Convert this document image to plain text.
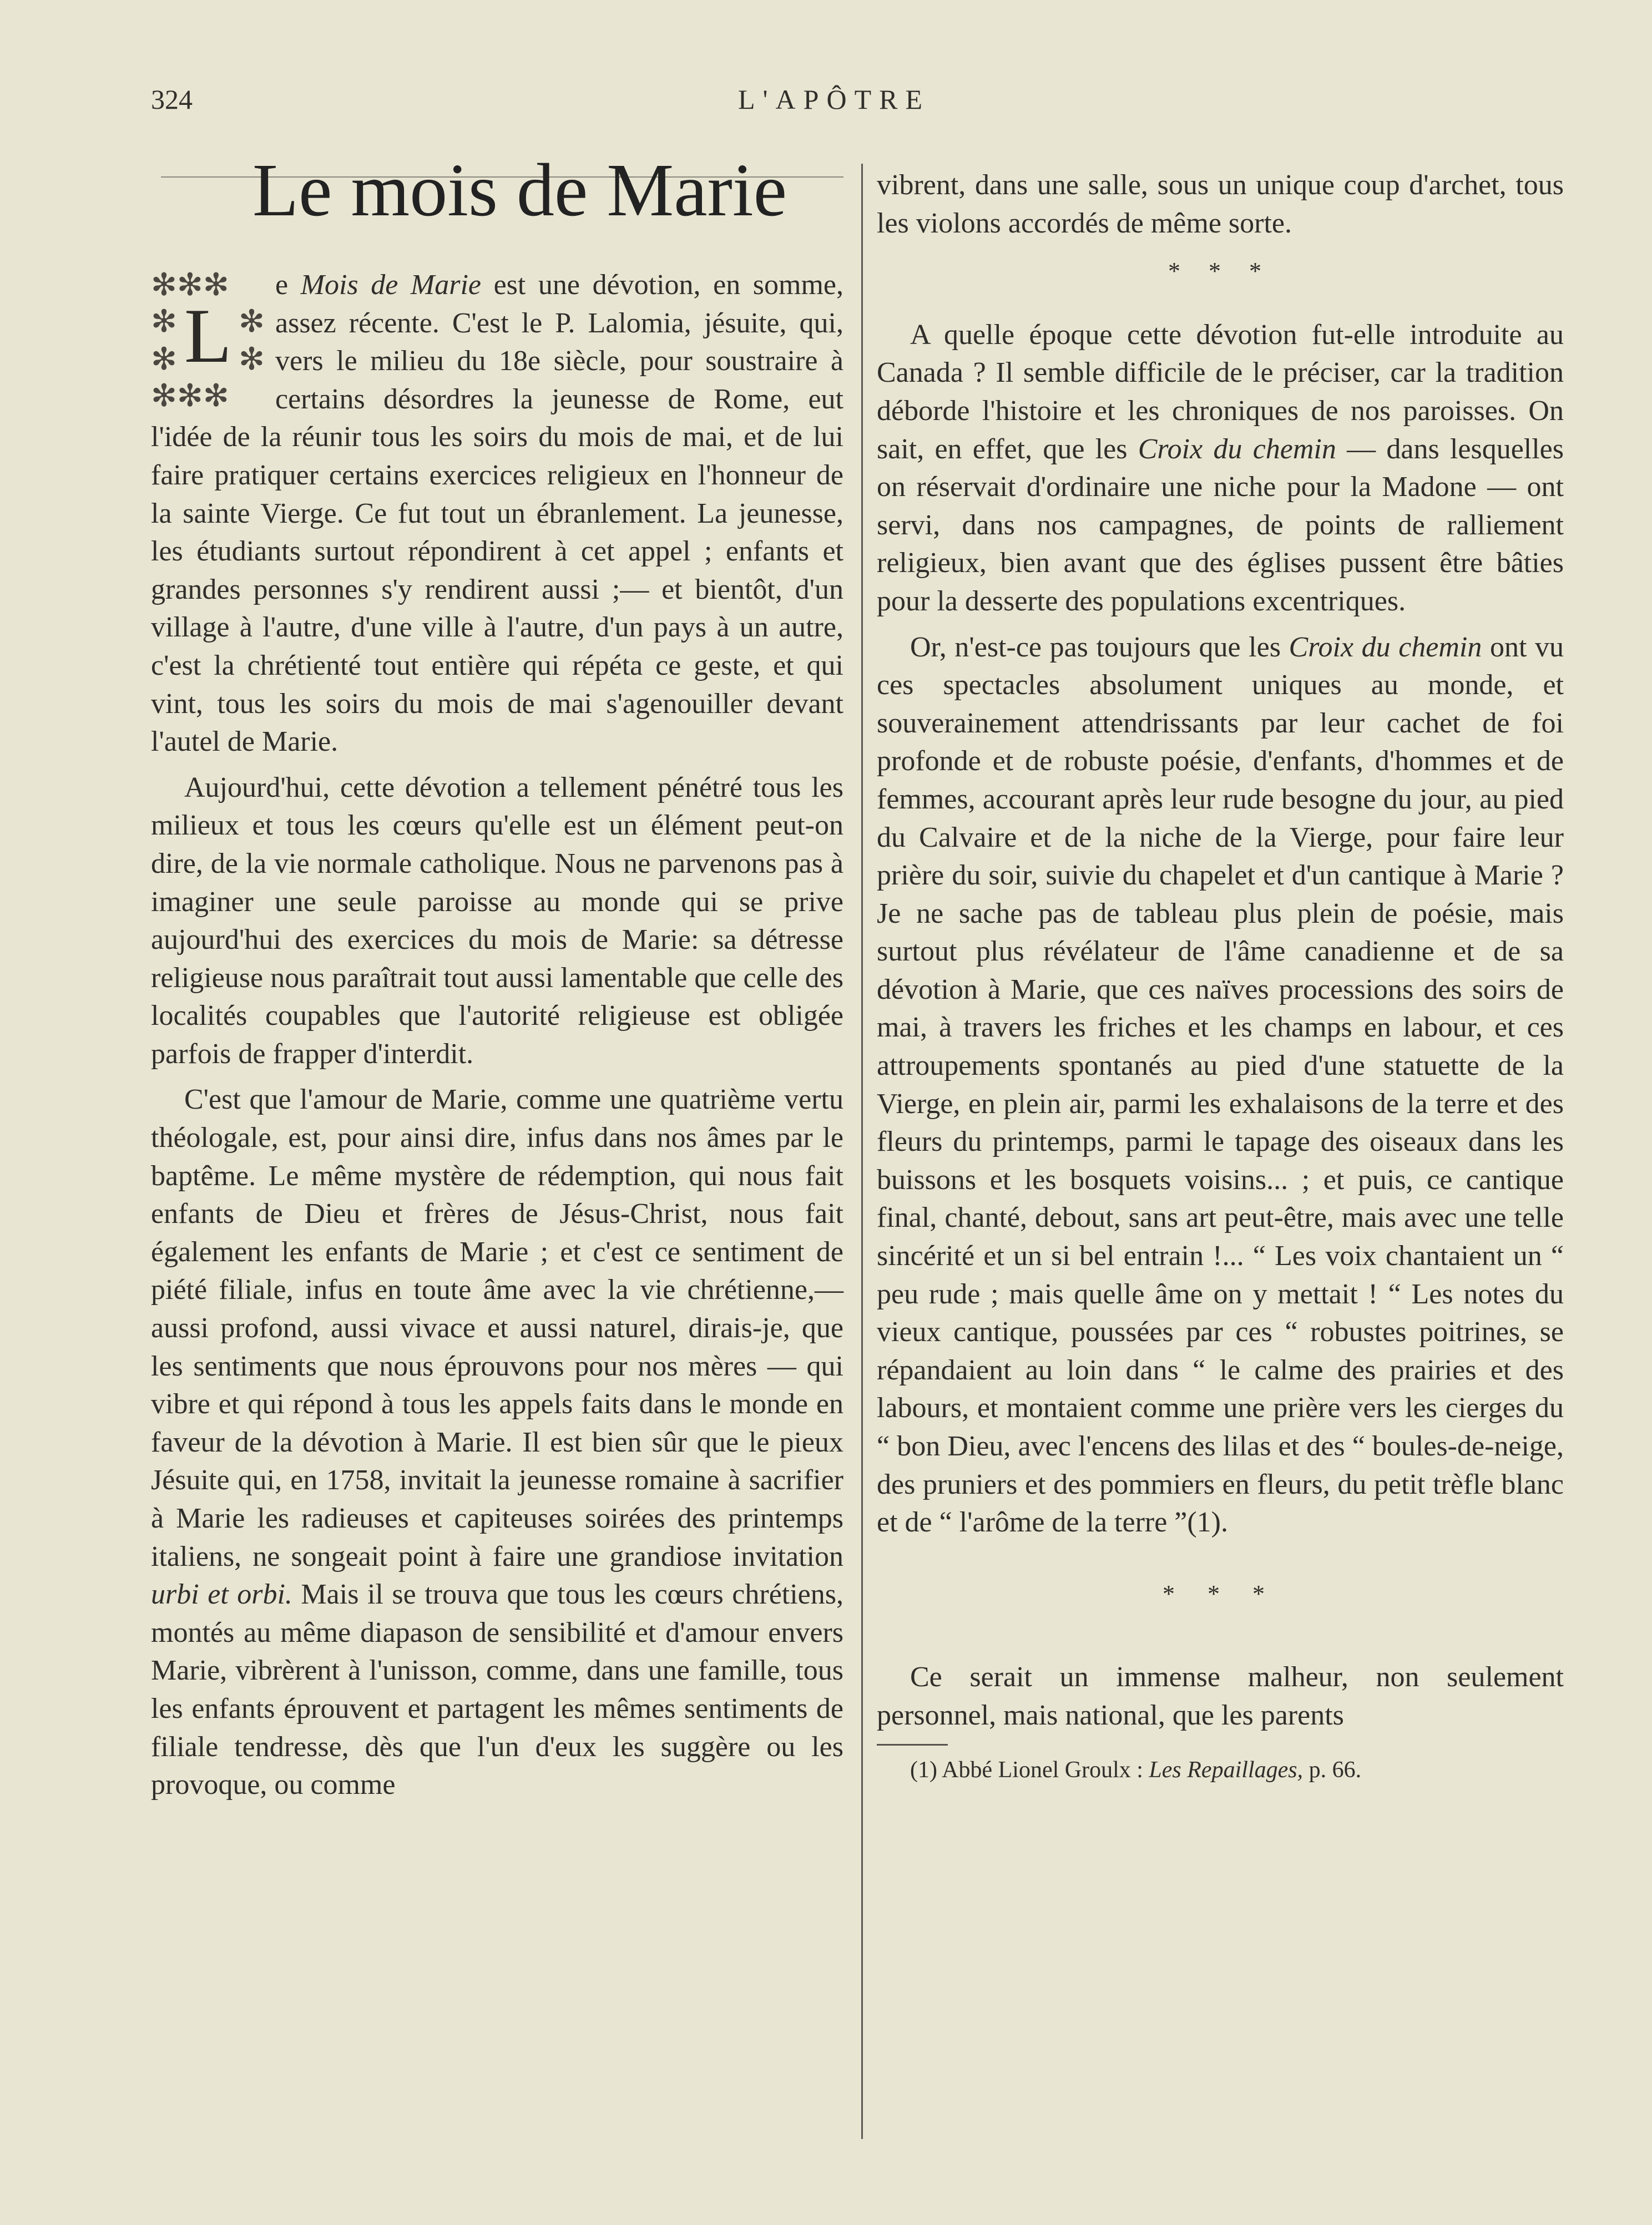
324	L'APÔTRE
Le mois de Marie

✻✻✻
✻ ✻
✻ ✻
✻✻✻
L
e Mois de Marie est une dévotion, en somme, assez récente. C'est le P. Lalomia, jésuite, qui, vers le milieu du 18e siècle, pour soustraire à certains désordres la jeunesse de Rome, eut l'idée de la réunir tous les soirs du mois de mai, et de lui faire pratiquer certains exercices religieux en l'honneur de la sainte Vierge. Ce fut tout un ébranlement. La jeunesse, les étudiants surtout répondirent à cet appel ; enfants et grandes personnes s'y rendirent aussi ;— et bientôt, d'un village à l'autre, d'une ville à l'autre, d'un pays à un autre, c'est la chrétienté tout entière qui répéta ce geste, et qui vint, tous les soirs du mois de mai s'agenouiller devant l'autel de Marie.

Aujourd'hui, cette dévotion a tellement pénétré tous les milieux et tous les cœurs qu'elle est un élément peut-on dire, de la vie normale catholique. Nous ne parvenons pas à imaginer une seule paroisse au monde qui se prive aujourd'hui des exercices du mois de Marie: sa détresse religieuse nous paraîtrait tout aussi lamentable que celle des localités coupables que l'autorité religieuse est obligée parfois de frapper d'interdit.

C'est que l'amour de Marie, comme une quatrième vertu théologale, est, pour ainsi dire, infus dans nos âmes par le baptême. Le même mystère de rédemption, qui nous fait enfants de Dieu et frères de Jésus-Christ, nous fait également les enfants de Marie ; et c'est ce sentiment de piété filiale, infus en toute âme avec la vie chrétienne,— aussi profond, aussi vivace et aussi naturel, dirais-je, que les sentiments que nous éprouvons pour nos mères — qui vibre et qui répond à tous les appels faits dans le monde en faveur de la dévotion à Marie. Il est bien sûr que le pieux Jésuite qui, en 1758, invitait la jeunesse romaine à sacrifier à Marie les radieuses et capiteuses soirées des printemps italiens, ne songeait point à faire une grandiose invitation urbi et orbi. Mais il se trouva que tous les cœurs chrétiens, montés au même diapason de sensibilité et d'amour envers Marie, vibrèrent à l'unisson, comme, dans une famille, tous les enfants éprouvent et partagent les mêmes sentiments de filiale tendresse, dès que l'un d'eux les suggère ou les provoque, ou comme

vibrent, dans une salle, sous un unique coup d'archet, tous les violons accordés de même sorte.

* * *

A quelle époque cette dévotion fut-elle introduite au Canada ? Il semble difficile de le préciser, car la tradition déborde l'histoire et les chroniques de nos paroisses. On sait, en effet, que les Croix du chemin — dans lesquelles on réservait d'ordinaire une niche pour la Madone — ont servi, dans nos campagnes, de points de ralliement religieux, bien avant que des églises pussent être bâties pour la desserte des populations excentriques.

Or, n'est-ce pas toujours que les Croix du chemin ont vu ces spectacles absolument uniques au monde, et souverainement attendrissants par leur cachet de foi profonde et de robuste poésie, d'enfants, d'hommes et de femmes, accourant après leur rude besogne du jour, au pied du Calvaire et de la niche de la Vierge, pour faire leur prière du soir, suivie du chapelet et d'un cantique à Marie ? Je ne sache pas de tableau plus plein de poésie, mais surtout plus révélateur de l'âme canadienne et de sa dévotion à Marie, que ces naïves processions des soirs de mai, à travers les friches et les champs en labour, et ces attroupements spontanés au pied d'une statuette de la Vierge, en plein air, parmi les exhalaisons de la terre et des fleurs du printemps, parmi le tapage des oiseaux dans les buissons et les bosquets voisins... ; et puis, ce cantique final, chanté, debout, sans art peut-être, mais avec une telle sincérité et un si bel entrain !... “ Les voix chantaient un “ peu rude ; mais quelle âme on y mettait ! “ Les notes du vieux cantique, poussées par ces “ robustes poitrines, se répandaient au loin dans “ le calme des prairies et des labours, et montaient comme une prière vers les cierges du “ bon Dieu, avec l'encens des lilas et des “ boules-de-neige, des pruniers et des pommiers en fleurs, du petit trèfle blanc et de “ l'arôme de la terre ”(1).

* * *

Ce serait un immense malheur, non seulement personnel, mais national, que les parents

(1) Abbé Lionel Groulx : Les Repaillages, p. 66.
